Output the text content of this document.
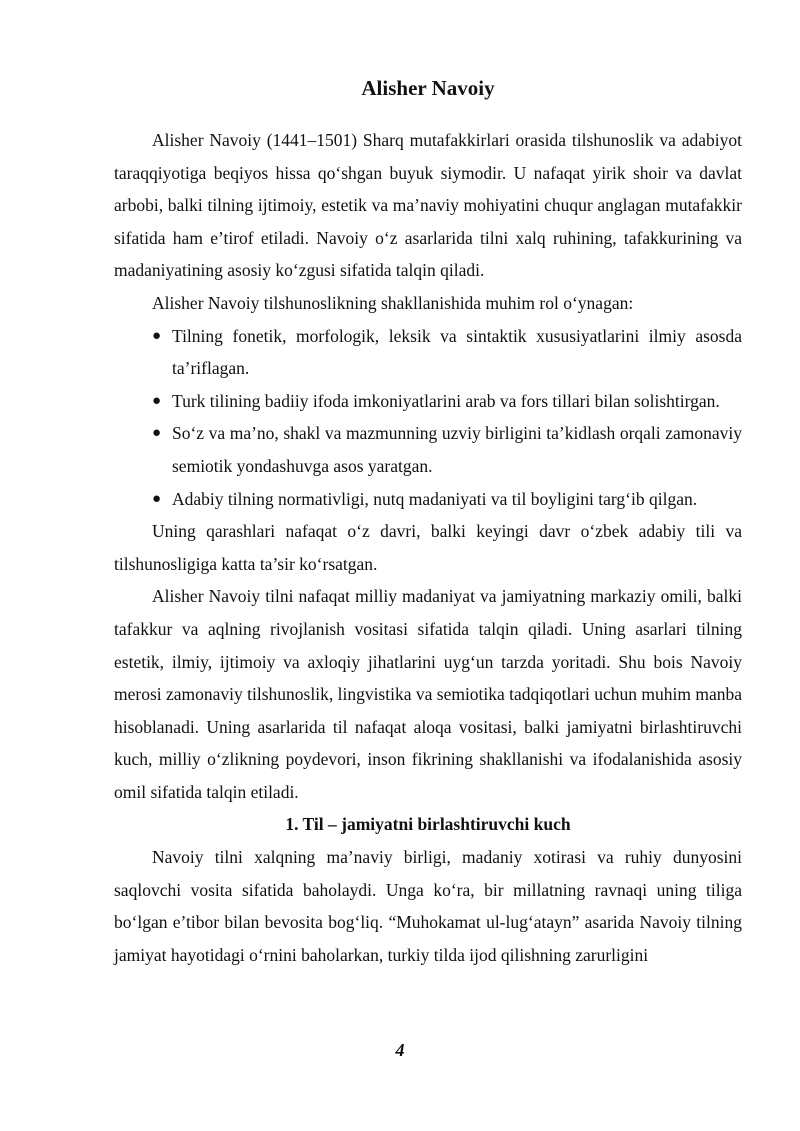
Alisher Navoiy

Alisher Navoiy (1441–1501) Sharq mutafakkirlari orasida tilshunoslik va adabiyot taraqqiyotiga beqiyos hissa qo‘shgan buyuk siymodir. U nafaqat yirik shoir va davlat arbobi, balki tilning ijtimoiy, estetik va ma’naviy mohiyatini chuqur anglagan mutafakkir sifatida ham e’tirof etiladi. Navoiy o‘z asarlarida tilni xalq ruhining, tafakkurining va madaniyatining asosiy ko‘zgusi sifatida talqin qiladi.

Alisher Navoiy tilshunoslikning shakllanishida muhim rol o‘ynagan:

● Tilning fonetik, morfologik, leksik va sintaktik xususiyatlarini ilmiy asosda ta’riflagan.
● Turk tilining badiiy ifoda imkoniyatlarini arab va fors tillari bilan solishtirgan.
● So‘z va ma’no, shakl va mazmunning uzviy birligini ta’kidlash orqali zamonaviy semiotik yondashuvga asos yaratgan.
● Adabiy tilning normativligi, nutq madaniyati va til boyligini targ‘ib qilgan.

Uning qarashlari nafaqat o‘z davri, balki keyingi davr o‘zbek adabiy tili va tilshunosligiga katta ta’sir ko‘rsatgan.

Alisher Navoiy tilni nafaqat milliy madaniyat va jamiyatning markaziy omili, balki tafakkur va aqlning rivojlanish vositasi sifatida talqin qiladi. Uning asarlari tilning estetik, ilmiy, ijtimoiy va axloqiy jihatlarini uyg‘un tarzda yoritadi. Shu bois Navoiy merosi zamonaviy tilshunoslik, lingvistika va semiotika tadqiqotlari uchun muhim manba hisoblanadi. Uning asarlarida til nafaqat aloqa vositasi, balki jamiyatni birlashtiruvchi kuch, milliy o‘zlikning poydevori, inson fikrining shakllanishi va ifodalanishida asosiy omil sifatida talqin etiladi.

1. Til – jamiyatni birlashtiruvchi kuch

Navoiy tilni xalqning ma’naviy birligi, madaniy xotirasi va ruhiy dunyosini saqlovchi vosita sifatida baholaydi. Unga ko‘ra, bir millatning ravnaqi uning tiliga bo‘lgan e’tibor bilan bevosita bog‘liq. “Muhokamat ul-lug‘atayn” asarida Navoiy tilning jamiyat hayotidagi o‘rnini baholarkan, turkiy tilda ijod qilishning zarurligini

4
